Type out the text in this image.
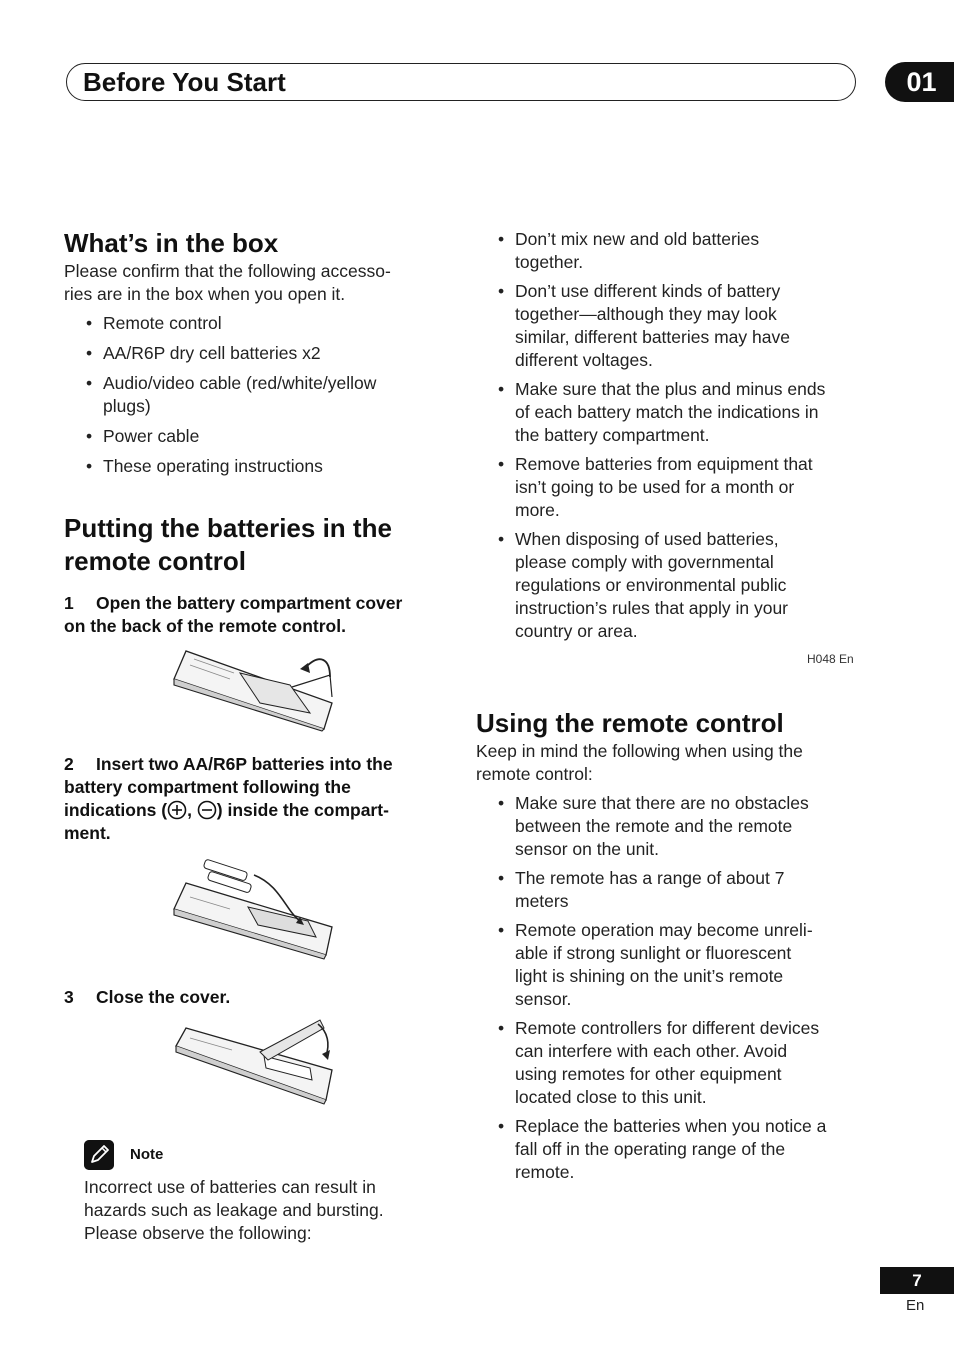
Before You Start	01
What’s in the box
Please confirm that the following accesso-
ries are in the box when you open it.
• Remote control
• AA/R6P dry cell batteries x2
• Audio/video cable (red/white/yellow
plugs)
• Power cable
• These operating instructions
Putting the batteries in the
remote control
1 Open the battery compartment cover
on the back of the remote control.
2 Insert two AA/R6P batteries into the
battery compartment following the
indications ( , ) inside the compart-
ment.
3 Close the cover.
Note
Incorrect use of batteries can result in
hazards such as leakage and bursting.
Please observe the following:
• Don’t mix new and old batteries
together.
• Don’t use different kinds of battery
together—although they may look
similar, different batteries may have
different voltages.
• Make sure that the plus and minus ends
of each battery match the indications in
the battery compartment.
• Remove batteries from equipment that
isn’t going to be used for a month or
more.
• When disposing of used batteries,
please comply with governmental
regulations or environmental public
instruction’s rules that apply in your
country or area.
H048 En
Using the remote control
Keep in mind the following when using the
remote control:
• Make sure that there are no obstacles
between the remote and the remote
sensor on the unit.
• The remote has a range of about 7
meters
• Remote operation may become unreli-
able if strong sunlight or fluorescent
light is shining on the unit’s remote
sensor.
• Remote controllers for different devices
can interfere with each other. Avoid
using remotes for other equipment
located close to this unit.
• Replace the batteries when you notice a
fall off in the operating range of the
remote.
7
En
